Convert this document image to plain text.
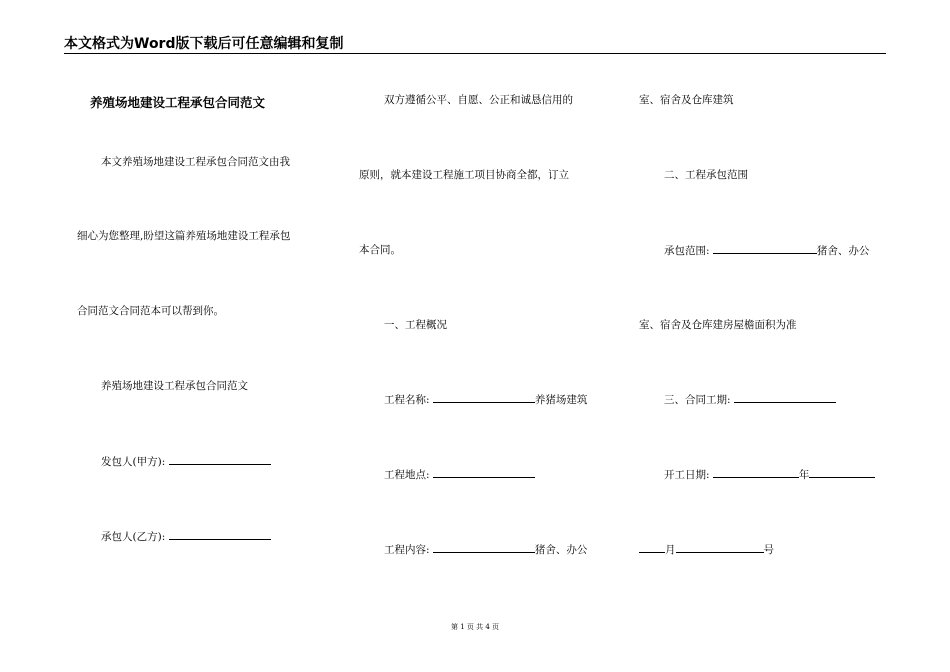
本文格式为Word版下载后可任意编辑和复制
养殖场地建设工程承包合同范文
本文养殖场地建设工程承包合同范文由我
细心为您整理,盼望这篇养殖场地建设工程承包
合同范文合同范本可以帮到你。
养殖场地建设工程承包合同范文
发包人(甲方):
承包人(乙方):
双方遵循公平、自愿、公正和诚恳信用的
原则，就本建设工程施工项目协商全都，订立
本合同。
一、工程概况
工程名称:	养猪场建筑
工程地点:
工程内容:	猪舍、办公
室、宿舍及仓库建筑
二、工程承包范围
承包范围:	猪舍、办公
室、宿舍及仓库建房屋檐面积为准
三、合同工期:
开工日期:	年
月	号
第 1 页 共 4 页
